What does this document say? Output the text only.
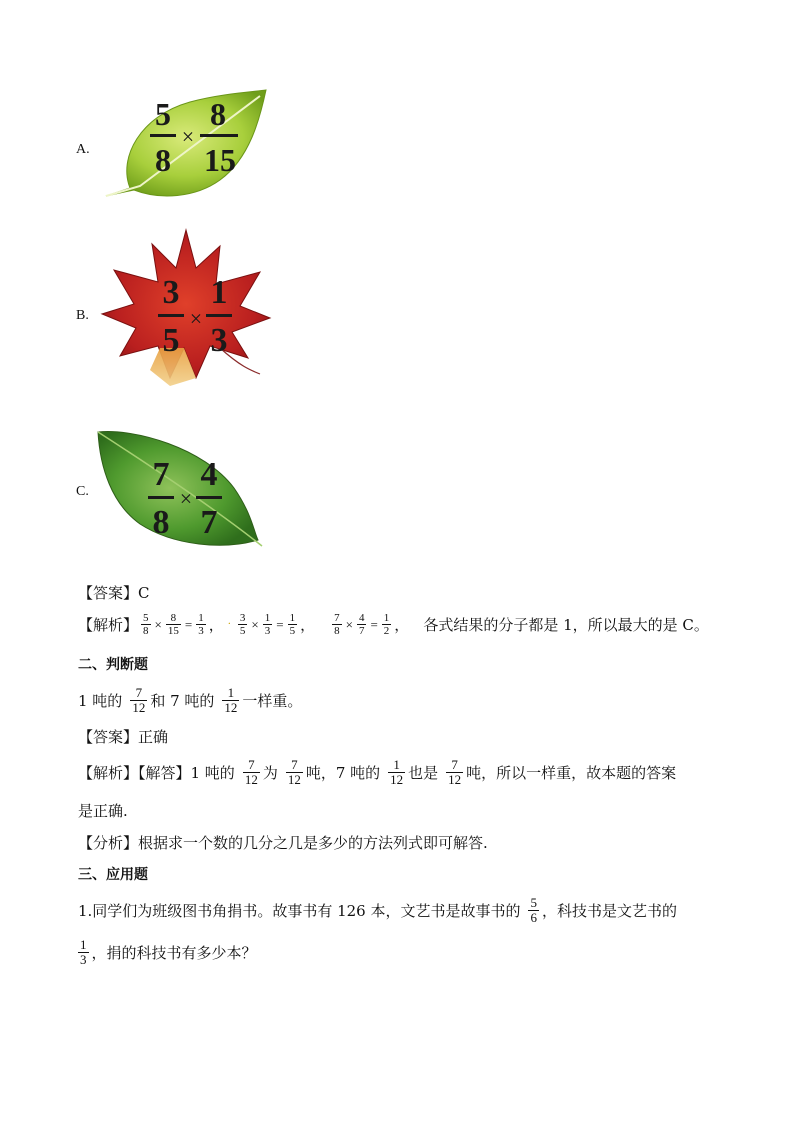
A.
5
8
×
8
15
B.
3
5
×
1
3
C. 7
8
×
4
7
【答案】 C
【解析】 $\frac{5}{8} \times \frac{8}{15} = \frac{1}{3}$ ， · $\frac{3}{5} \times \frac{1}{3} = \frac{1}{5}$ ， $\frac{7}{8} \times \frac{4}{7} = \frac{1}{2}$ ， 各式结果的分子都是 1，所以最大的是 C。
二、判断题
1 吨的 $\frac{7}{12}$ 和 7 吨的 $\frac{1}{12}$ 一样重。
【答案】 正确
【解析】【解答】1 吨的 $\frac{7}{12}$ 为 $\frac{7}{12}$ 吨，7 吨的 $\frac{1}{12}$ 也是 $\frac{7}{12}$ 吨，所以一样重，故本题的答案
是正确.
【分析】根据求一个数的几分之几是多少的方法列式即可解答.
三、应用题
1.同学们为班级图书角捐书。故事书有 126 本，文艺书是故事书的 $\frac{5}{6}$ ，科技书是文艺书的
$\frac{1}{3}$ ，捐的科技书有多少本？
